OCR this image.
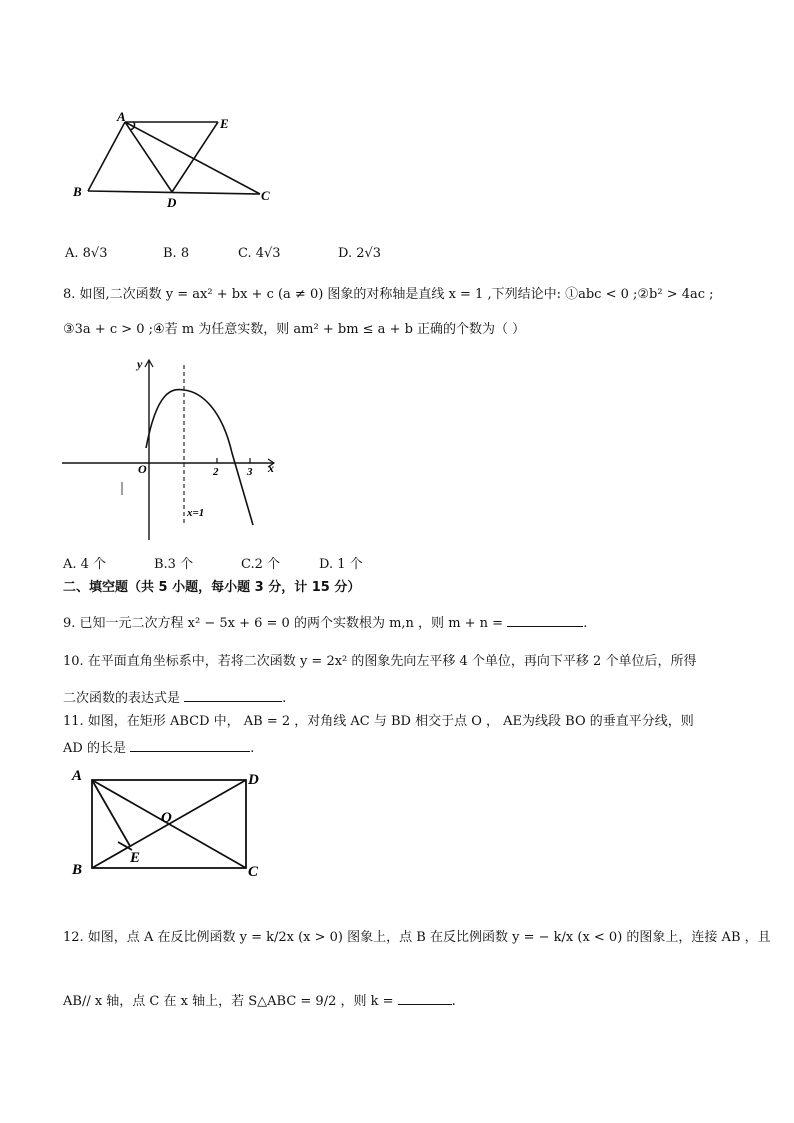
A	E
B
D	C
A. 8√3	B. 8	C. 4√3	D. 2√3
8. 如图,二次函数 y = ax² + bx + c (a ≠ 0) 图象的对称轴是直线 x = 1 ,下列结论中: ①abc < 0 ;②b² > 4ac ;
③3a + c > 0 ;④若 m 为任意实数，则 am² + bm ≤ a + b 正确的个数为（ ）
y
x
O	2	3
x=1
A. 4 个	B.3 个	C.2 个	D. 1 个
二、填空题（共 5 小题，每小题 3 分，计 15 分）
9. 已知一元二次方程 x² − 5x + 6 = 0 的两个实数根为 m,n ，则 m + n =	.
10. 在平面直角坐标系中，若将二次函数 y = 2x² 的图象先向左平移 4 个单位，再向下平移 2 个单位后，所得
二次函数的表达式是	.
11. 如图，在矩形 ABCD 中， AB = 2 ，对角线 AC 与 BD 相交于点 O ， AE为线段 BO 的垂直平分线，则
AD 的长是	.
A	D
O
E
B	C
12. 如图，点 A 在反比例函数 y = k/2x (x > 0) 图象上，点 B 在反比例函数 y = − k/x (x < 0) 的图象上，连接 AB ，且
AB// x 轴，点 C 在 x 轴上，若 S△ABC = 9/2 ，则 k =	.
